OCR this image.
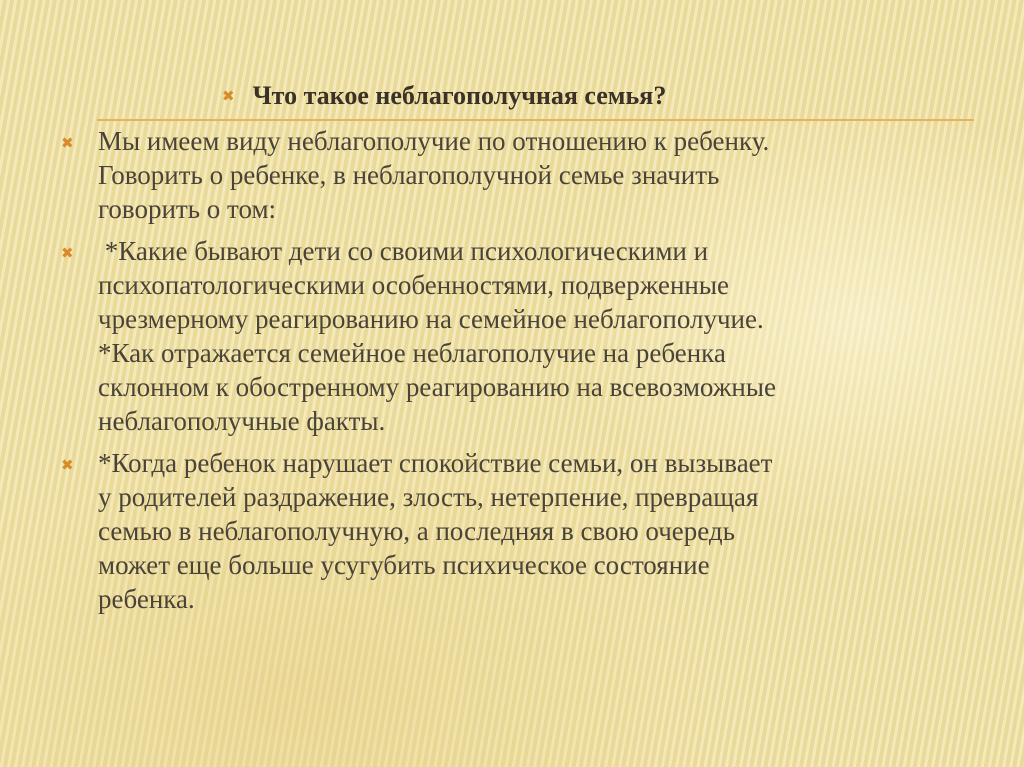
✖ Что такое неблагополучная семья?
✖ Мы имеем виду неблагополучие по отношению к ребенку.
Говорить о ребенке, в неблагополучной семье значить
говорить о том:
✖ *Какие бывают дети со своими психологическими и
психопатологическими особенностями, подверженные
чрезмерному реагированию на семейное неблагополучие.
*Как отражается семейное неблагополучие на ребенка
склонном к обостренному реагированию на всевозможные
неблагополучные факты.
✖ *Когда ребенок нарушает спокойствие семьи, он вызывает
у родителей раздражение, злость, нетерпение, превращая
семью в неблагополучную, а последняя в свою очередь
может еще больше усугубить психическое состояние
ребенка.
